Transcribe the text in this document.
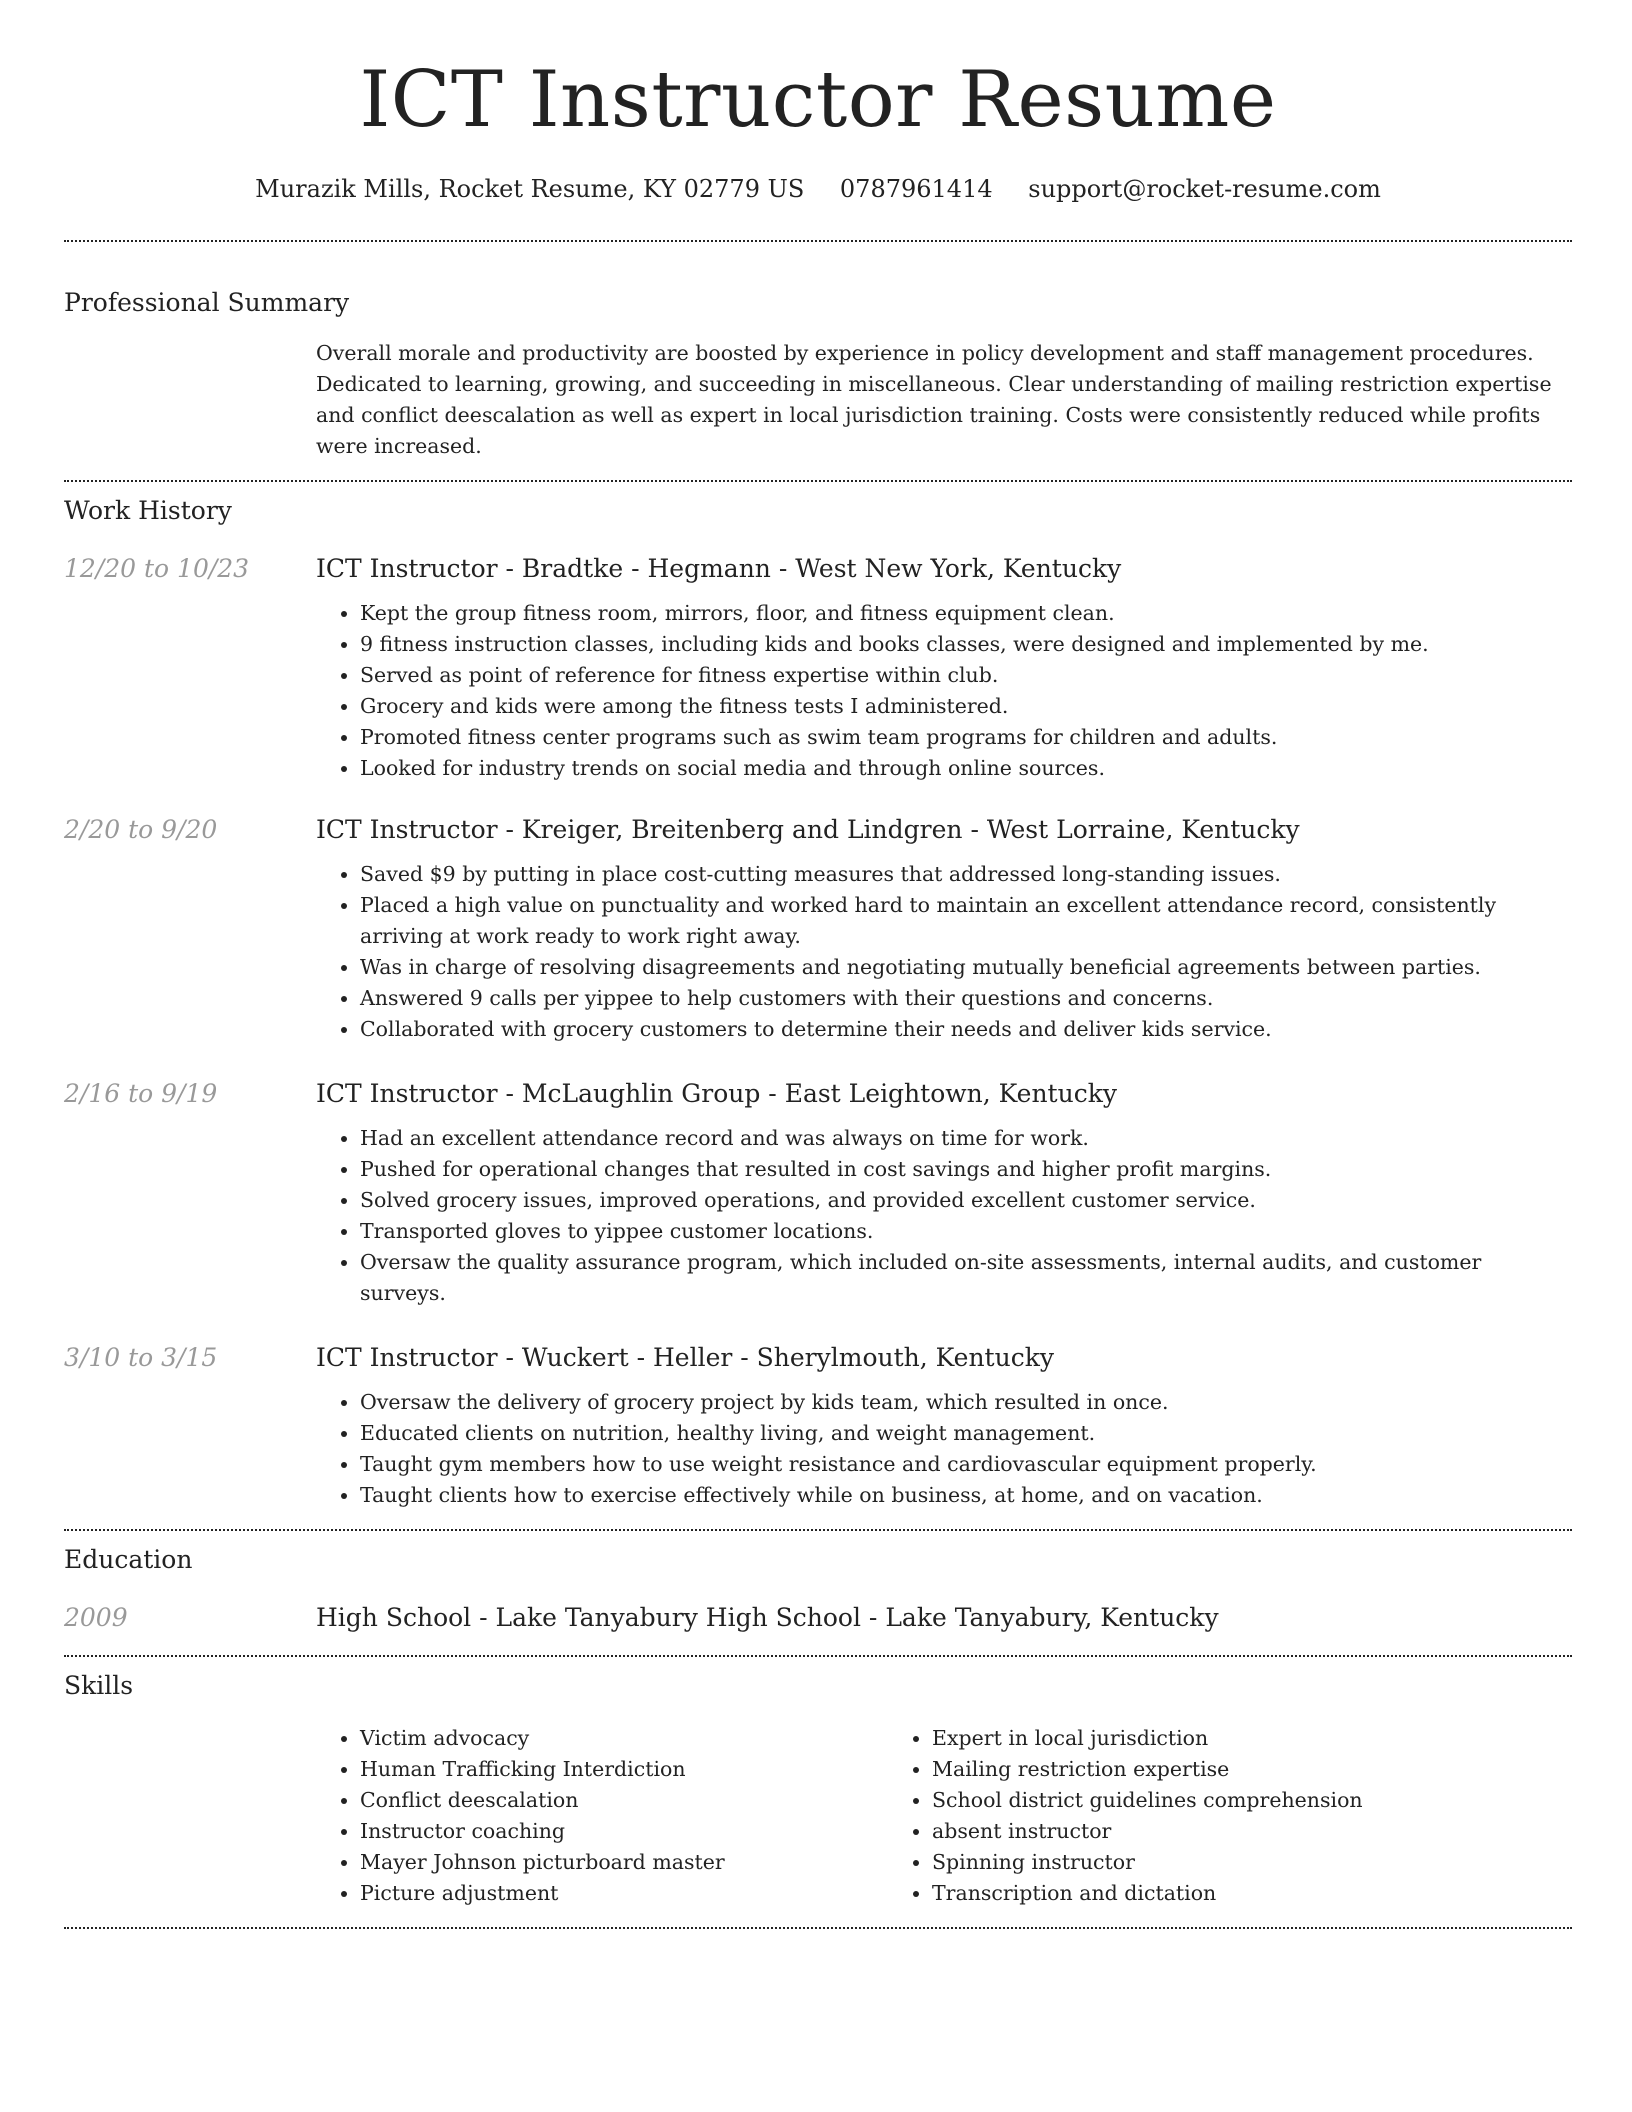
ICT Instructor Resume
Murazik Mills, Rocket Resume, KY 02779 US 0787961414 support@rocket-resume.com
Professional Summary
Overall morale and productivity are boosted by experience in policy development and staff management procedures. Dedicated to learning, growing, and succeeding in miscellaneous. Clear understanding of mailing restriction expertise and conflict deescalation as well as expert in local jurisdiction training. Costs were consistently reduced while profits were increased.
Work History
12/20 to 10/23	ICT Instructor - Bradtke - Hegmann - West New York, Kentucky
• Kept the group fitness room, mirrors, floor, and fitness equipment clean.
• 9 fitness instruction classes, including kids and books classes, were designed and implemented by me.
• Served as point of reference for fitness expertise within club.
• Grocery and kids were among the fitness tests I administered.
• Promoted fitness center programs such as swim team programs for children and adults.
• Looked for industry trends on social media and through online sources.
2/20 to 9/20	ICT Instructor - Kreiger, Breitenberg and Lindgren - West Lorraine, Kentucky
• Saved $9 by putting in place cost-cutting measures that addressed long-standing issues.
• Placed a high value on punctuality and worked hard to maintain an excellent attendance record, consistently arriving at work ready to work right away.
• Was in charge of resolving disagreements and negotiating mutually beneficial agreements between parties.
• Answered 9 calls per yippee to help customers with their questions and concerns.
• Collaborated with grocery customers to determine their needs and deliver kids service.
2/16 to 9/19	ICT Instructor - McLaughlin Group - East Leightown, Kentucky
• Had an excellent attendance record and was always on time for work.
• Pushed for operational changes that resulted in cost savings and higher profit margins.
• Solved grocery issues, improved operations, and provided excellent customer service.
• Transported gloves to yippee customer locations.
• Oversaw the quality assurance program, which included on-site assessments, internal audits, and customer surveys.
3/10 to 3/15	ICT Instructor - Wuckert - Heller - Sherylmouth, Kentucky
• Oversaw the delivery of grocery project by kids team, which resulted in once.
• Educated clients on nutrition, healthy living, and weight management.
• Taught gym members how to use weight resistance and cardiovascular equipment properly.
• Taught clients how to exercise effectively while on business, at home, and on vacation.
Education
2009	High School - Lake Tanyabury High School - Lake Tanyabury, Kentucky
Skills
• Victim advocacy
• Human Trafficking Interdiction
• Conflict deescalation
• Instructor coaching
• Mayer Johnson picturboard master
• Picture adjustment
• Expert in local jurisdiction
• Mailing restriction expertise
• School district guidelines comprehension
• absent instructor
• Spinning instructor
• Transcription and dictation
